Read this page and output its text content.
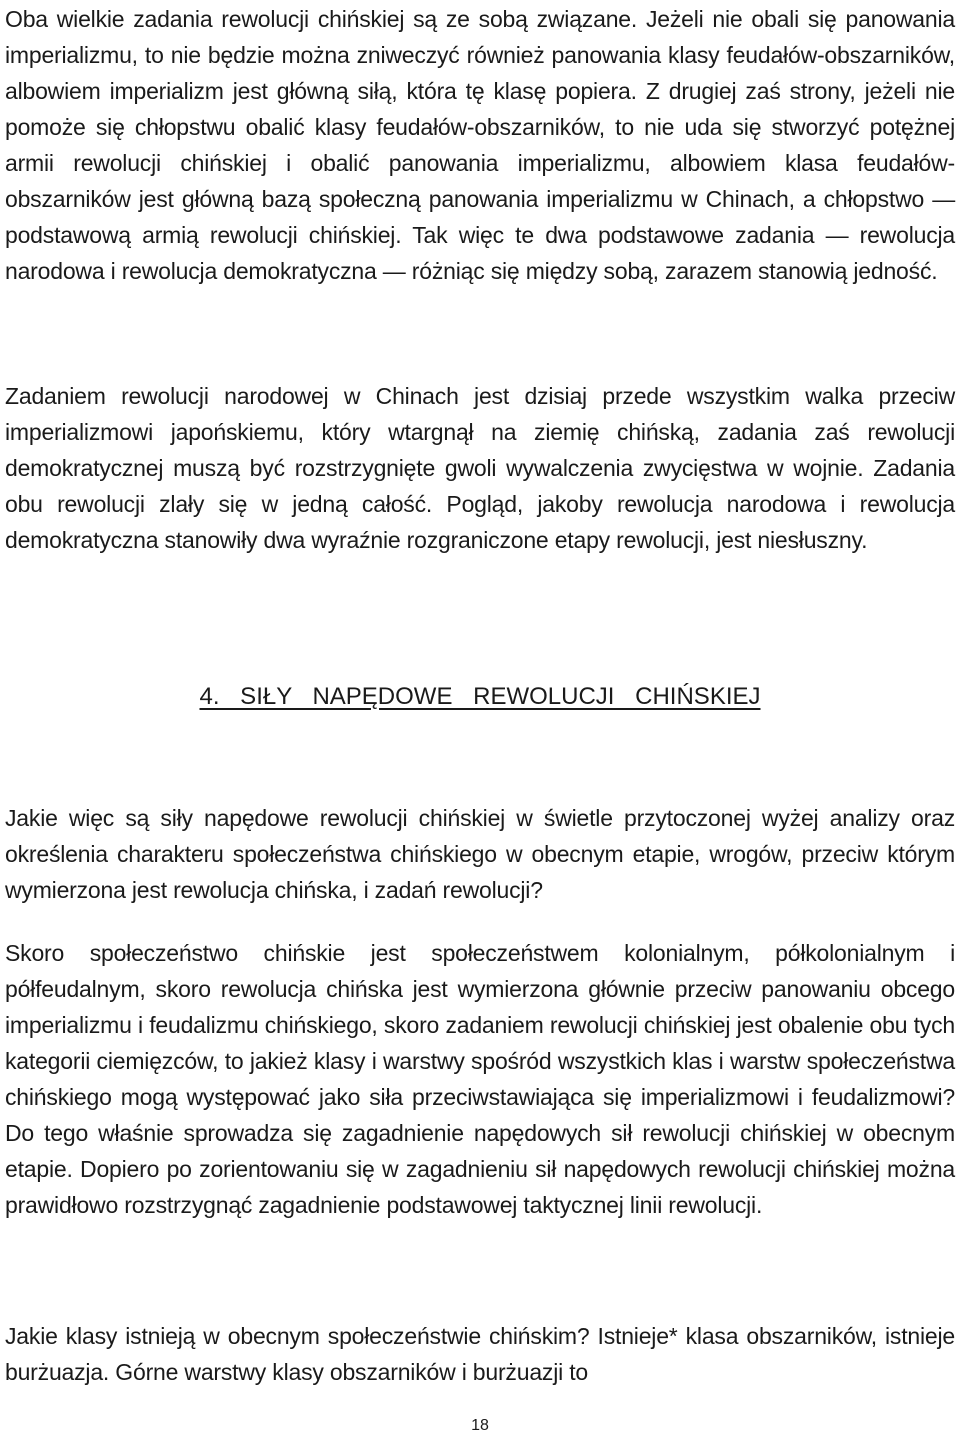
Oba wielkie zadania rewolucji chińskiej są ze sobą związane. Jeżeli nie obali się panowania imperializmu, to nie będzie można zniweczyć również panowania klasy feudałów-obszarników, albowiem imperializm jest główną siłą, która tę klasę popiera. Z drugiej zaś strony, jeżeli nie pomoże się chłopstwu obalić klasy feudałów-obszarników, to nie uda się stworzyć potężnej armii rewolucji chińskiej i obalić panowania imperializmu, albowiem klasa feudałów-obszarników jest główną bazą społeczną panowania imperializmu w Chinach, a chłopstwo — podstawową armią rewolucji chińskiej. Tak więc te dwa podstawowe zadania — rewolucja narodowa i rewolucja demokratyczna — różniąc się między sobą, zarazem stanowią jedność.

Zadaniem rewolucji narodowej w Chinach jest dzisiaj przede wszystkim walka przeciw imperializmowi japońskiemu, który wtargnął na ziemię chińską, zadania zaś rewolucji demokratycznej muszą być rozstrzygnięte gwoli wywalczenia zwycięstwa w wojnie. Zadania obu rewolucji zlały się w jedną całość. Pogląd, jakoby rewolucja narodowa i rewolucja demokratyczna stanowiły dwa wyraźnie rozgraniczone etapy rewolucji, jest niesłuszny.

4. SIŁY NAPĘDOWE REWOLUCJI CHIŃSKIEJ

Jakie więc są siły napędowe rewolucji chińskiej w świetle przytoczonej wyżej analizy oraz określenia charakteru społeczeństwa chińskiego w obecnym etapie, wrogów, przeciw którym wymierzona jest rewolucja chińska, i zadań rewolucji?

Skoro społeczeństwo chińskie jest społeczeństwem kolonialnym, półkolonialnym i półfeudalnym, skoro rewolucja chińska jest wymierzona głównie przeciw panowaniu obcego imperializmu i feudalizmu chińskiego, skoro zadaniem rewolucji chińskiej jest obalenie obu tych kategorii ciemięzców, to jakież klasy i warstwy spośród wszystkich klas i warstw społeczeństwa chińskiego mogą występować jako siła przeciwstawiająca się imperializmowi i feudalizmowi? Do tego właśnie sprowadza się zagadnienie napędowych sił rewolucji chińskiej w obecnym etapie. Dopiero po zorientowaniu się w zagadnieniu sił napędowych rewolucji chińskiej można prawidłowo rozstrzygnąć zagadnienie podstawowej taktycznej linii rewolucji.

Jakie klasy istnieją w obecnym społeczeństwie chińskim? Istnieje* klasa obszarników, istnieje burżuazja. Górne warstwy klasy obszarników i burżuazji to

18
